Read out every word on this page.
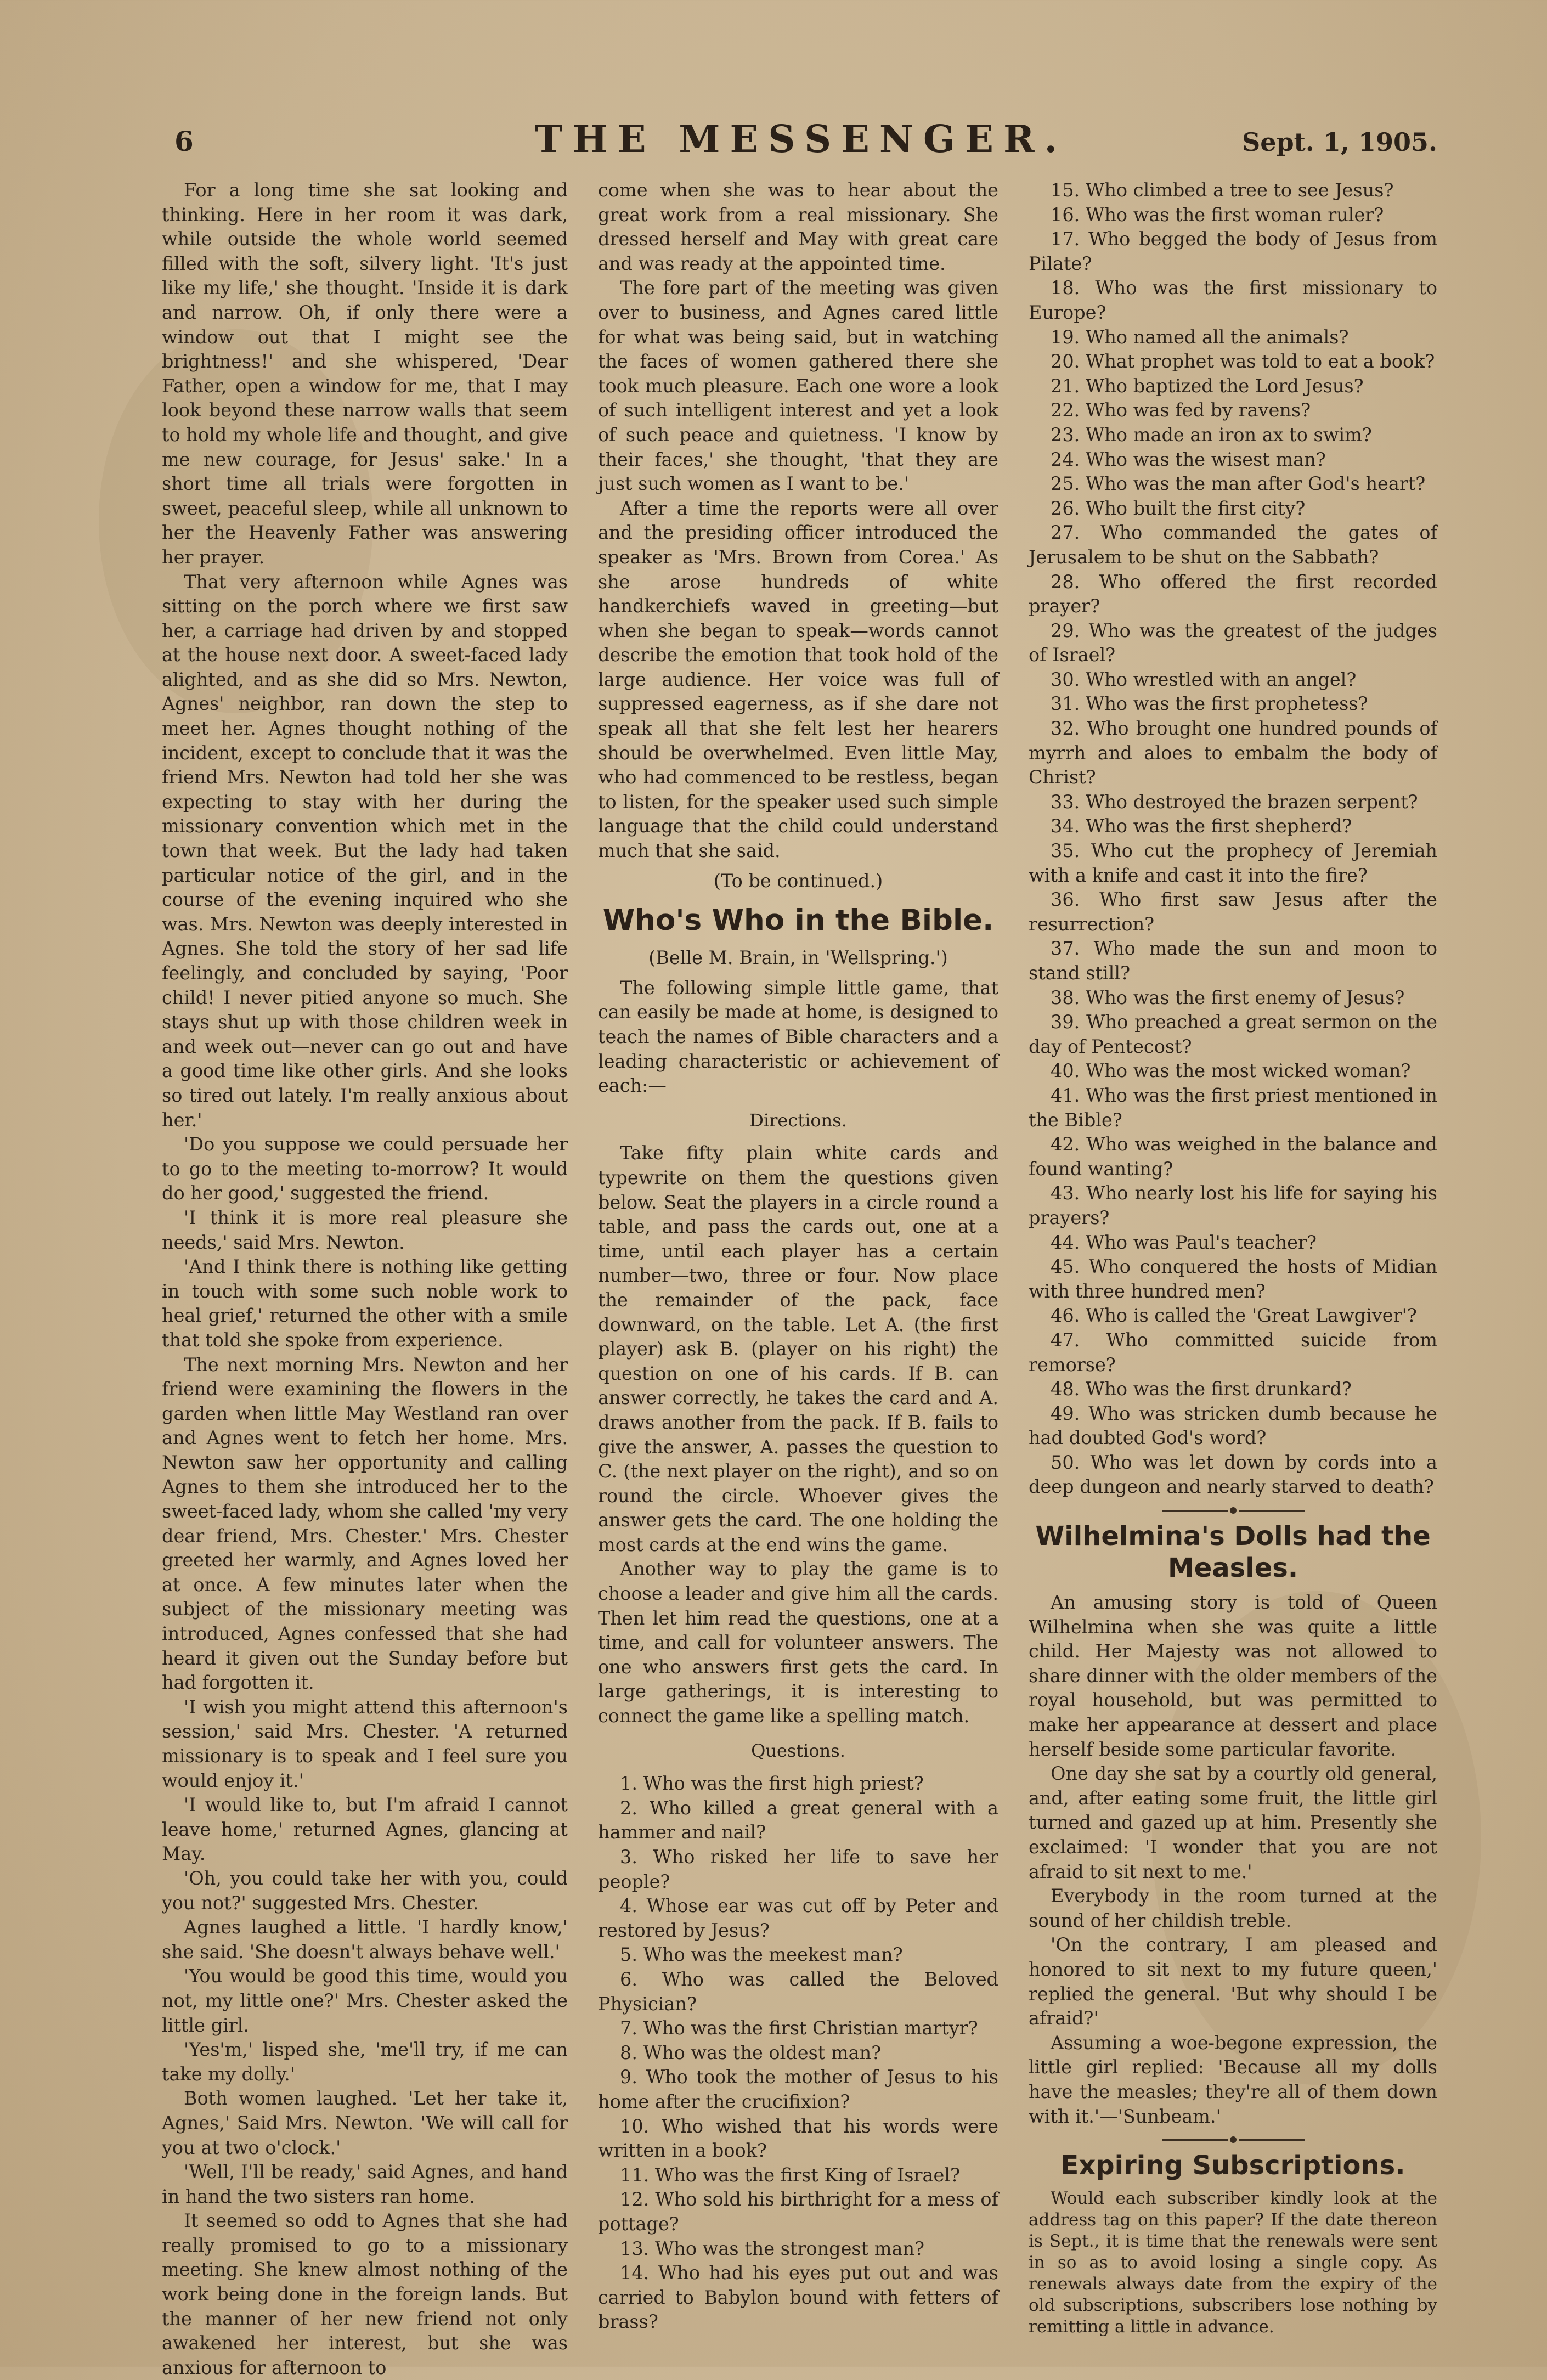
6	THE MESSENGER.	Sept. 1, 1905.

For a long time she sat looking and thinking. Here in her room it was dark, while outside the whole world seemed filled with the soft, silvery light. 'It's just like my life,' she thought. 'Inside it is dark and narrow. Oh, if only there were a window out that I might see the brightness!' and she whispered, 'Dear Father, open a window for me, that I may look beyond these narrow walls that seem to hold my whole life and thought, and give me new courage, for Jesus' sake.' In a short time all trials were forgotten in sweet, peaceful sleep, while all unknown to her the Heavenly Father was answering her prayer.

That very afternoon while Agnes was sitting on the porch where we first saw her, a carriage had driven by and stopped at the house next door. A sweet-faced lady alighted, and as she did so Mrs. Newton, Agnes' neighbor, ran down the step to meet her. Agnes thought nothing of the incident, except to conclude that it was the friend Mrs. Newton had told her she was expecting to stay with her during the missionary convention which met in the town that week. But the lady had taken particular notice of the girl, and in the course of the evening inquired who she was. Mrs. Newton was deeply interested in Agnes. She told the story of her sad life feelingly, and concluded by saying, 'Poor child! I never pitied anyone so much. She stays shut up with those children week in and week out—never can go out and have a good time like other girls. And she looks so tired out lately. I'm really anxious about her.'

'Do you suppose we could persuade her to go to the meeting to-morrow? It would do her good,' suggested the friend.

'I think it is more real pleasure she needs,' said Mrs. Newton.

'And I think there is nothing like getting in touch with some such noble work to heal grief,' returned the other with a smile that told she spoke from experience.

The next morning Mrs. Newton and her friend were examining the flowers in the garden when little May Westland ran over and Agnes went to fetch her home. Mrs. Newton saw her opportunity and calling Agnes to them she introduced her to the sweet-faced lady, whom she called 'my very dear friend, Mrs. Chester.' Mrs. Chester greeted her warmly, and Agnes loved her at once. A few minutes later when the subject of the missionary meeting was introduced, Agnes confessed that she had heard it given out the Sunday before but had forgotten it.

'I wish you might attend this afternoon's session,' said Mrs. Chester. 'A returned missionary is to speak and I feel sure you would enjoy it.'

'I would like to, but I'm afraid I cannot leave home,' returned Agnes, glancing at May.

'Oh, you could take her with you, could you not?' suggested Mrs. Chester.

Agnes laughed a little. 'I hardly know,' she said. 'She doesn't always behave well.'

'You would be good this time, would you not, my little one?' Mrs. Chester asked the little girl.

'Yes'm,' lisped she, 'me'll try, if me can take my dolly.'

Both women laughed. 'Let her take it, Agnes,' Said Mrs. Newton. 'We will call for you at two o'clock.'

'Well, I'll be ready,' said Agnes, and hand in hand the two sisters ran home.

It seemed so odd to Agnes that she had really promised to go to a missionary meeting. She knew almost nothing of the work being done in the foreign lands. But the manner of her new friend not only awakened her interest, but she was anxious for afternoon to

come when she was to hear about the great work from a real missionary. She dressed herself and May with great care and was ready at the appointed time.

The fore part of the meeting was given over to business, and Agnes cared little for what was being said, but in watching the faces of women gathered there she took much pleasure. Each one wore a look of such intelligent interest and yet a look of such peace and quietness. 'I know by their faces,' she thought, 'that they are just such women as I want to be.'

After a time the reports were all over and the presiding officer introduced the speaker as 'Mrs. Brown from Corea.' As she arose hundreds of white handkerchiefs waved in greeting—but when she began to speak—words cannot describe the emotion that took hold of the large audience. Her voice was full of suppressed eagerness, as if she dare not speak all that she felt lest her hearers should be overwhelmed. Even little May, who had commenced to be restless, began to listen, for the speaker used such simple language that the child could understand much that she said.

(To be continued.)

Who's Who in the Bible.

(Belle M. Brain, in 'Wellspring.')

The following simple little game, that can easily be made at home, is designed to teach the names of Bible characters and a leading characteristic or achievement of each:—

Directions.

Take fifty plain white cards and typewrite on them the questions given below. Seat the players in a circle round a table, and pass the cards out, one at a time, until each player has a certain number—two, three or four. Now place the remainder of the pack, face downward, on the table. Let A. (the first player) ask B. (player on his right) the question on one of his cards. If B. can answer correctly, he takes the card and A. draws another from the pack. If B. fails to give the answer, A. passes the question to C. (the next player on the right), and so on round the circle. Whoever gives the answer gets the card. The one holding the most cards at the end wins the game.

Another way to play the game is to choose a leader and give him all the cards. Then let him read the questions, one at a time, and call for volunteer answers. The one who answers first gets the card. In large gatherings, it is interesting to connect the game like a spelling match.

Questions.

1. Who was the first high priest?
2. Who killed a great general with a hammer and nail?
3. Who risked her life to save her people?
4. Whose ear was cut off by Peter and restored by Jesus?
5. Who was the meekest man?
6. Who was called the Beloved Physician?
7. Who was the first Christian martyr?
8. Who was the oldest man?
9. Who took the mother of Jesus to his home after the crucifixion?
10. Who wished that his words were written in a book?
11. Who was the first King of Israel?
12. Who sold his birthright for a mess of pottage?
13. Who was the strongest man?
14. Who had his eyes put out and was carried to Babylon bound with fetters of brass?
15. Who climbed a tree to see Jesus?
16. Who was the first woman ruler?
17. Who begged the body of Jesus from Pilate?
18. Who was the first missionary to Europe?
19. Who named all the animals?
20. What prophet was told to eat a book?
21. Who baptized the Lord Jesus?
22. Who was fed by ravens?
23. Who made an iron ax to swim?
24. Who was the wisest man?
25. Who was the man after God's heart?
26. Who built the first city?
27. Who commanded the gates of Jerusalem to be shut on the Sabbath?
28. Who offered the first recorded prayer?
29. Who was the greatest of the judges of Israel?
30. Who wrestled with an angel?
31. Who was the first prophetess?
32. Who brought one hundred pounds of myrrh and aloes to embalm the body of Christ?
33. Who destroyed the brazen serpent?
34. Who was the first shepherd?
35. Who cut the prophecy of Jeremiah with a knife and cast it into the fire?
36. Who first saw Jesus after the resurrection?
37. Who made the sun and moon to stand still?
38. Who was the first enemy of Jesus?
39. Who preached a great sermon on the day of Pentecost?
40. Who was the most wicked woman?
41. Who was the first priest mentioned in the Bible?
42. Who was weighed in the balance and found wanting?
43. Who nearly lost his life for saying his prayers?
44. Who was Paul's teacher?
45. Who conquered the hosts of Midian with three hundred men?
46. Who is called the 'Great Lawgiver'?
47. Who committed suicide from remorse?
48. Who was the first drunkard?
49. Who was stricken dumb because he had doubted God's word?
50. Who was let down by cords into a deep dungeon and nearly starved to death?
Wilhelmina's Dolls had the Measles.

An amusing story is told of Queen Wilhelmina when she was quite a little child. Her Majesty was not allowed to share dinner with the older members of the royal household, but was permitted to make her appearance at dessert and place herself beside some particular favorite.

One day she sat by a courtly old general, and, after eating some fruit, the little girl turned and gazed up at him. Presently she exclaimed: 'I wonder that you are not afraid to sit next to me.'

Everybody in the room turned at the sound of her childish treble.

'On the contrary, I am pleased and honored to sit next to my future queen,' replied the general. 'But why should I be afraid?'

Assuming a woe-begone expression, the little girl replied: 'Because all my dolls have the measles; they're all of them down with it.'—'Sunbeam.'

Expiring Subscriptions.

Would each subscriber kindly look at the address tag on this paper? If the date thereon is Sept., it is time that the renewals were sent in so as to avoid losing a single copy. As renewals always date from the expiry of the old subscriptions, subscribers lose nothing by remitting a little in advance.
